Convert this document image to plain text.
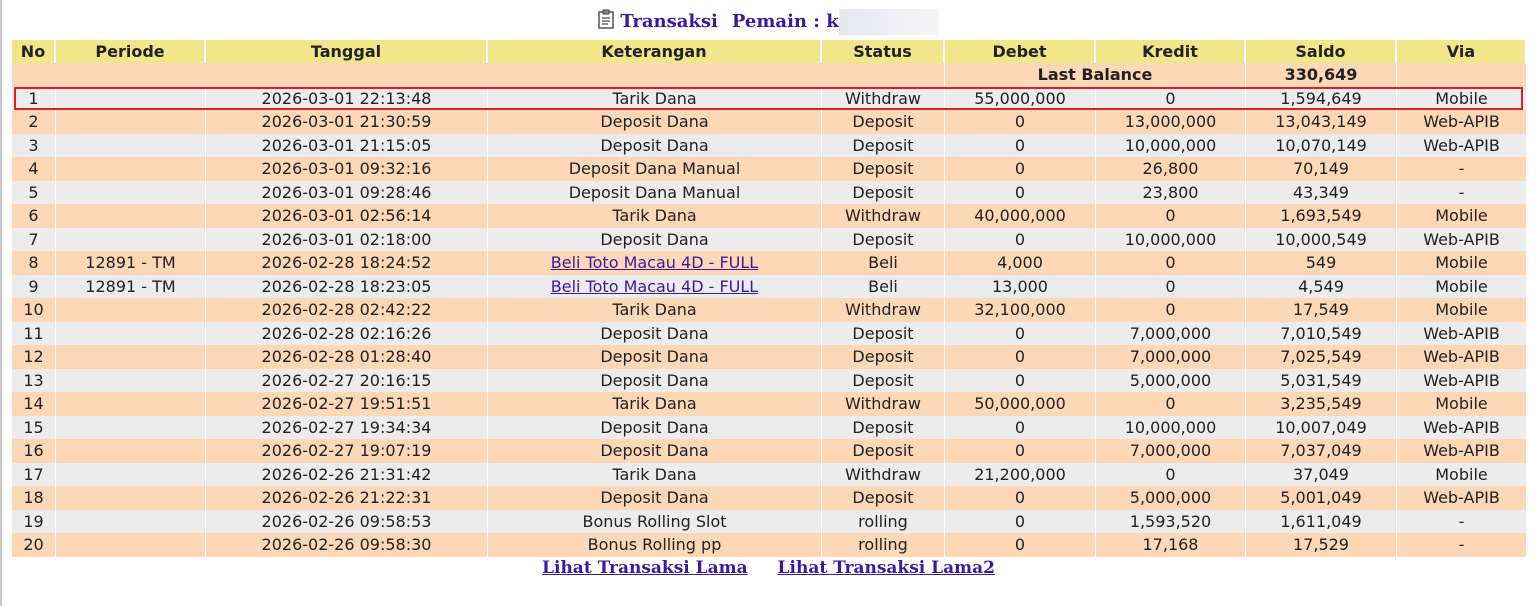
Transaksi Pemain : k
No	Periode	Tanggal	Keterangan	Status	Debet	Kredit	Saldo	Via
					Last Balance		330,649	
1		2026-03-01 22:13:48	Tarik Dana	Withdraw	55,000,000	0	1,594,649	Mobile
2		2026-03-01 21:30:59	Deposit Dana	Deposit	0	13,000,000	13,043,149	Web-APIB
3		2026-03-01 21:15:05	Deposit Dana	Deposit	0	10,000,000	10,070,149	Web-APIB
4		2026-03-01 09:32:16	Deposit Dana Manual	Deposit	0	26,800	70,149	-
5		2026-03-01 09:28:46	Deposit Dana Manual	Deposit	0	23,800	43,349	-
6		2026-03-01 02:56:14	Tarik Dana	Withdraw	40,000,000	0	1,693,549	Mobile
7		2026-03-01 02:18:00	Deposit Dana	Deposit	0	10,000,000	10,000,549	Web-APIB
8	12891 - TM	2026-02-28 18:24:52	Beli Toto Macau 4D - FULL	Beli	4,000	0	549	Mobile
9	12891 - TM	2026-02-28 18:23:05	Beli Toto Macau 4D - FULL	Beli	13,000	0	4,549	Mobile
10		2026-02-28 02:42:22	Tarik Dana	Withdraw	32,100,000	0	17,549	Mobile
11		2026-02-28 02:16:26	Deposit Dana	Deposit	0	7,000,000	7,010,549	Web-APIB
12		2026-02-28 01:28:40	Deposit Dana	Deposit	0	7,000,000	7,025,549	Web-APIB
13		2026-02-27 20:16:15	Deposit Dana	Deposit	0	5,000,000	5,031,549	Web-APIB
14		2026-02-27 19:51:51	Tarik Dana	Withdraw	50,000,000	0	3,235,549	Mobile
15		2026-02-27 19:34:34	Deposit Dana	Deposit	0	10,000,000	10,007,049	Web-APIB
16		2026-02-27 19:07:19	Deposit Dana	Deposit	0	7,000,000	7,037,049	Web-APIB
17		2026-02-26 21:31:42	Tarik Dana	Withdraw	21,200,000	0	37,049	Mobile
18		2026-02-26 21:22:31	Deposit Dana	Deposit	0	5,000,000	5,001,049	Web-APIB
19		2026-02-26 09:58:53	Bonus Rolling Slot	rolling	0	1,593,520	1,611,049	-
20		2026-02-26 09:58:30	Bonus Rolling pp	rolling	0	17,168	17,529	-
Lihat Transaksi Lama Lihat Transaksi Lama2
